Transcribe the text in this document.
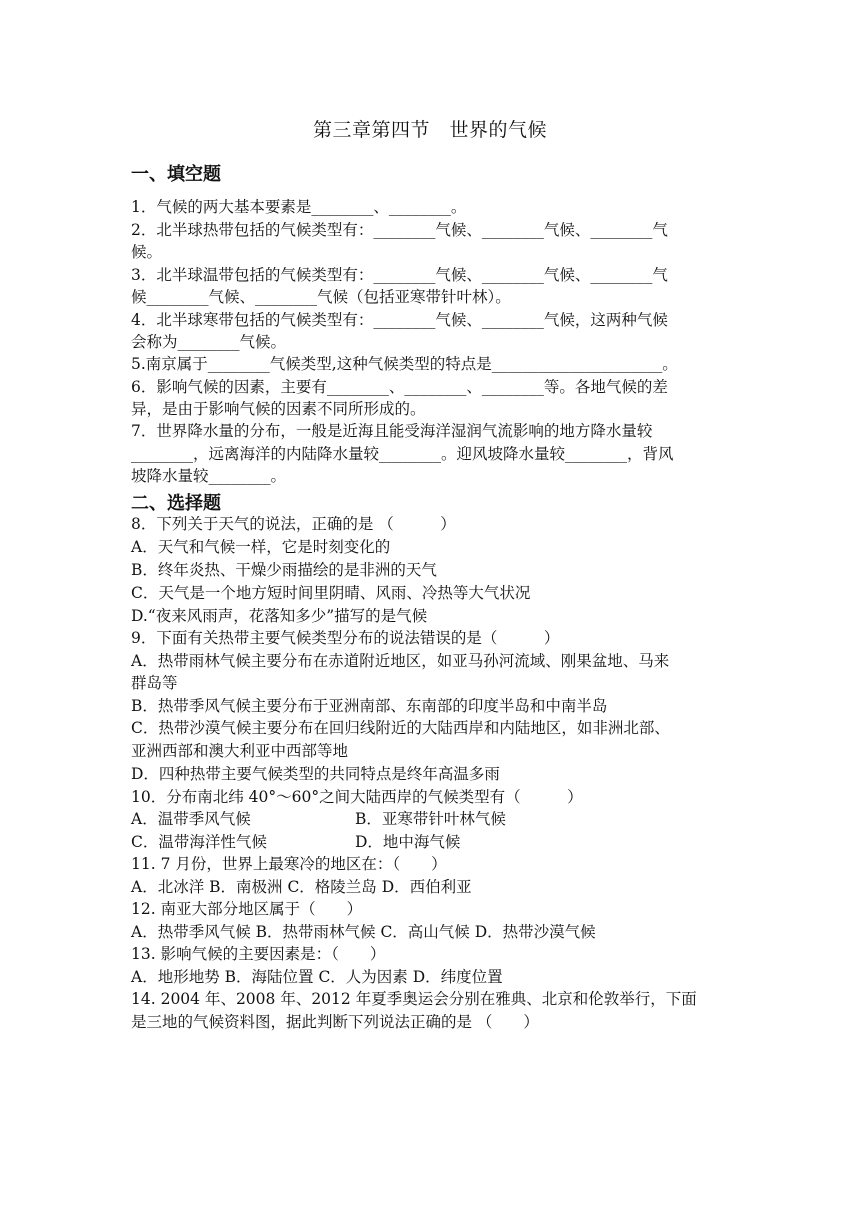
第三章第四节　世界的气候
一、填空题
1．气候的两大基本要素是________、________。
2．北半球热带包括的气候类型有：________气候、________气候、________气
候。
3．北半球温带包括的气候类型有：________气候、________气候、________气
候________气候、________气候（包括亚寒带针叶林）。
4．北半球寒带包括的气候类型有：________气候、________气候，这两种气候
会称为________气候。
5.南京属于________气候类型,这种气候类型的特点是______________________。
6．影响气候的因素，主要有________、________、________等。各地气候的差
异，是由于影响气候的因素不同所形成的。
7．世界降水量的分布，一般是近海且能受海洋湿润气流影响的地方降水量较
________，远离海洋的内陆降水量较________。迎风坡降水量较________，背风
坡降水量较________。
二、选择题
8．下列关于天气的说法，正确的是 （　　　）
A．天气和气候一样，它是时刻变化的
B．终年炎热、干燥少雨描绘的是非洲的天气
C．天气是一个地方短时间里阴晴、风雨、冷热等大气状况
D.“夜来风雨声，花落知多少”描写的是气候
9．下面有关热带主要气候类型分布的说法错误的是（　　　）
A．热带雨林气候主要分布在赤道附近地区，如亚马孙河流域、刚果盆地、马来
群岛等
B．热带季风气候主要分布于亚洲南部、东南部的印度半岛和中南半岛
C．热带沙漠气候主要分布在回归线附近的大陆西岸和内陆地区，如非洲北部、
亚洲西部和澳大利亚中西部等地
D．四种热带主要气候类型的共同特点是终年高温多雨
10．分布南北纬 40°～60°之间大陆西岸的气候类型有（　　　）
A．温带季风气候	B．亚寒带针叶林气候
C．温带海洋性气候	D．地中海气候
11. 7 月份，世界上最寒冷的地区在：（　　）
A．北冰洋 B．南极洲 C．格陵兰岛 D．西伯利亚
12. 南亚大部分地区属于（　　）
A．热带季风气候 B．热带雨林气候 C．高山气候 D．热带沙漠气候
13. 影响气候的主要因素是：（　　）
A．地形地势 B．海陆位置 C．人为因素 D．纬度位置
14. 2004 年、2008 年、2012 年夏季奥运会分别在雅典、北京和伦敦举行，下面
是三地的气候资料图，据此判断下列说法正确的是 （　　）
